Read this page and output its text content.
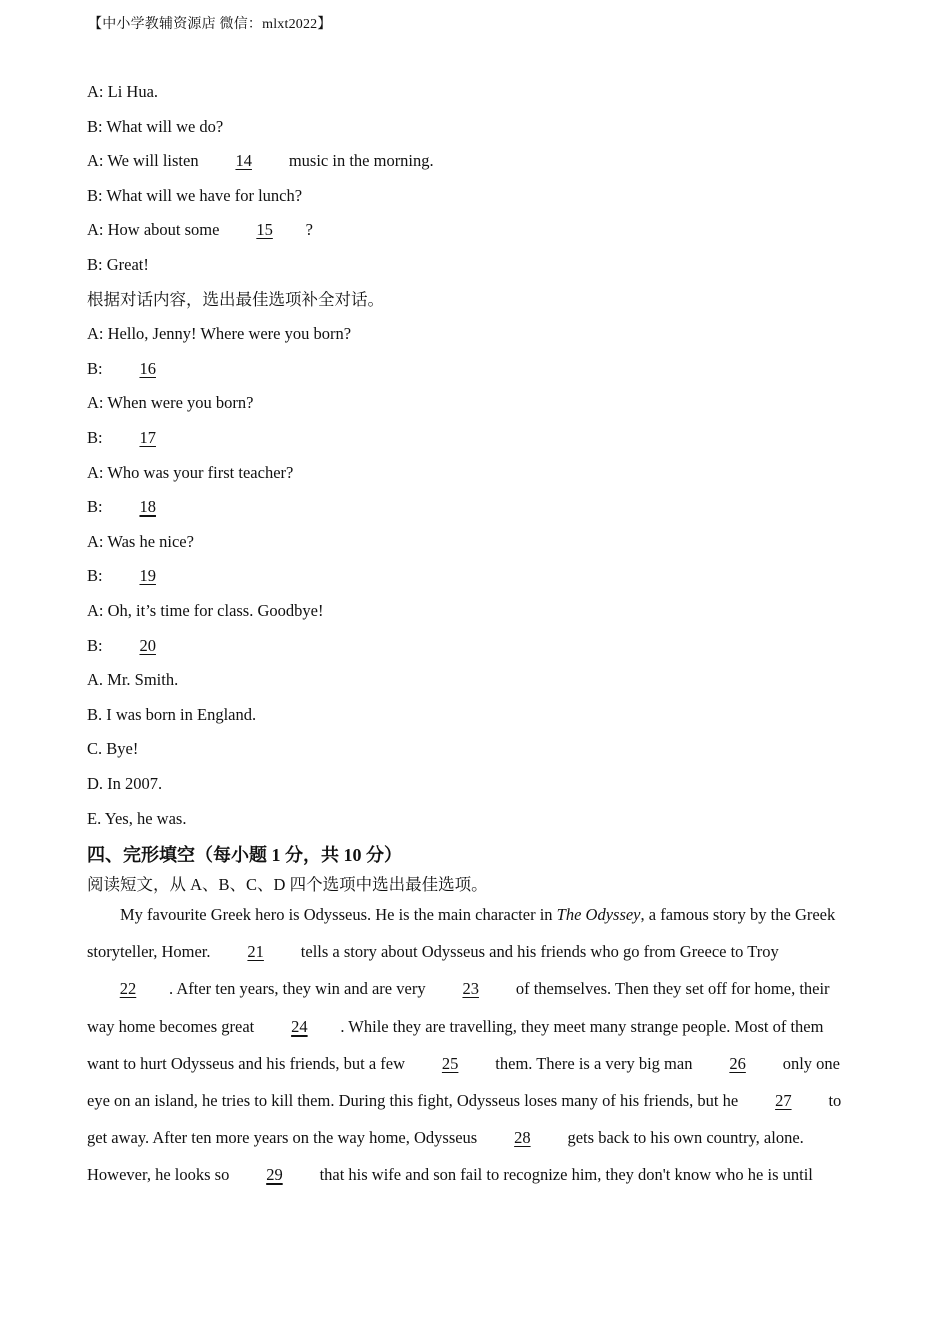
【中小学教辅资源店 微信：mlxt2022】
A: Li Hua.
B: What will we do?
A: We will listen 14 music in the morning.
B: What will we have for lunch?
A: How about some 15 ?
B: Great!
根据对话内容，选出最佳选项补全对话。
A: Hello, Jenny! Where were you born?
B: 16
A: When were you born?
B: 17
A: Who was your first teacher?
B: 18
A: Was he nice?
B: 19
A: Oh, it’s time for class. Goodbye!
B: 20
A. Mr. Smith.
B. I was born in England.
C. Bye!
D. In 2007.
E. Yes, he was.
四、完形填空（每小题 1 分，共 10 分）
阅读短文，从 A、B、C、D 四个选项中选出最佳选项。
My favourite Greek hero is Odysseus. He is the main character in The Odyssey, a famous story by the Greek
storyteller, Homer. 21 tells a story about Odysseus and his friends who go from Greece to Troy
22 . After ten years, they win and are very 23 of themselves. Then they set off for home, their
way home becomes great 24 . While they are travelling, they meet many strange people. Most of them
want to hurt Odysseus and his friends, but a few 25 them. There is a very big man 26 only one
eye on an island, he tries to kill them. During this fight, Odysseus loses many of his friends, but he 27 to
get away. After ten more years on the way home, Odysseus 28 gets back to his own country, alone.
However, he looks so 29 that his wife and son fail to recognize him, they don't know who he is until
